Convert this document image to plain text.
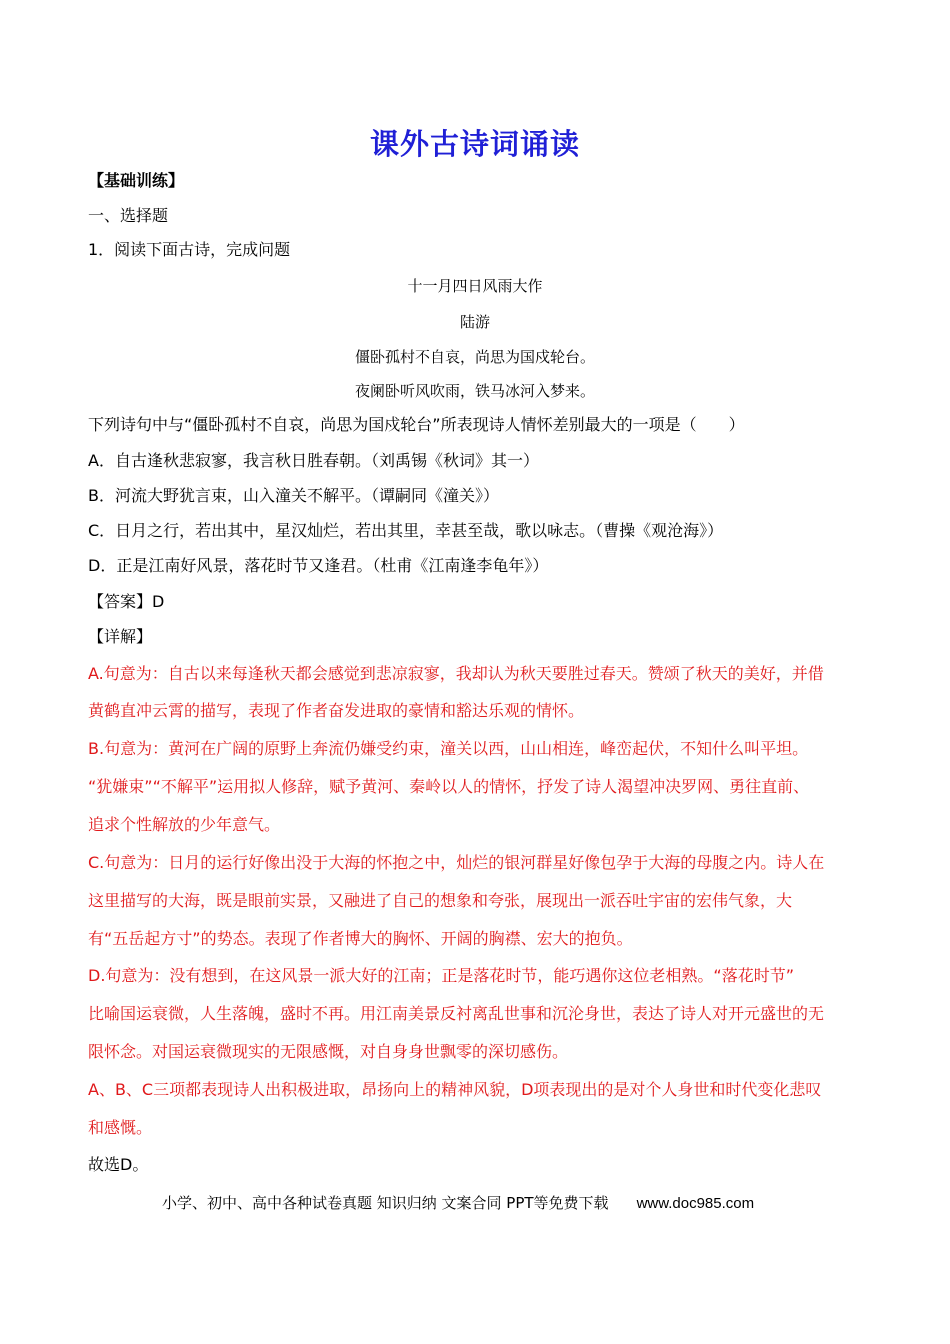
课外古诗词诵读
【基础训练】
一、选择题
1．阅读下面古诗，完成问题
十一月四日风雨大作
陆游
僵卧孤村不自哀，尚思为国戍轮台。
夜阑卧听风吹雨，铁马冰河入梦来。
下列诗句中与“僵卧孤村不自哀，尚思为国戍轮台”所表现诗人情怀差别最大的一项是（　　）
A．自古逢秋悲寂寥，我言秋日胜春朝。（刘禹锡《秋词》其一）
B．河流大野犹言束，山入潼关不解平。（谭嗣同《潼关》）
C．日月之行，若出其中，星汉灿烂，若出其里，幸甚至哉，歌以咏志。（曹操《观沧海》）
D．正是江南好风景，落花时节又逢君。（杜甫《江南逢李龟年》）
【答案】D
【详解】
A.句意为：自古以来每逢秋天都会感觉到悲凉寂寥，我却认为秋天要胜过春天。赞颂了秋天的美好，并借
黄鹤直冲云霄的描写，表现了作者奋发进取的豪情和豁达乐观的情怀。
B.句意为：黄河在广阔的原野上奔流仍嫌受约束，潼关以西，山山相连，峰峦起伏，不知什么叫平坦。
“犹嫌束”“不解平”运用拟人修辞，赋予黄河、秦岭以人的情怀，抒发了诗人渴望冲决罗网、勇往直前、
追求个性解放的少年意气。
C.句意为：日月的运行好像出没于大海的怀抱之中，灿烂的银河群星好像包孕于大海的母腹之内。诗人在
这里描写的大海，既是眼前实景，又融进了自己的想象和夸张，展现出一派吞吐宇宙的宏伟气象，大
有“五岳起方寸”的势态。表现了作者博大的胸怀、开阔的胸襟、宏大的抱负。
D.句意为：没有想到，在这风景一派大好的江南；正是落花时节，能巧遇你这位老相熟。“落花时节”
比喻国运衰微，人生落魄，盛时不再。用江南美景反衬离乱世事和沉沦身世，表达了诗人对开元盛世的无
限怀念。对国运衰微现实的无限感慨，对自身身世飘零的深切感伤。
A、B、C三项都表现诗人出积极进取，昂扬向上的精神风貌，D项表现出的是对个人身世和时代变化悲叹
和感慨。
故选D。
小学、初中、高中各种试卷真题 知识归纳 文案合同 PPT等免费下载 www.doc985.com
